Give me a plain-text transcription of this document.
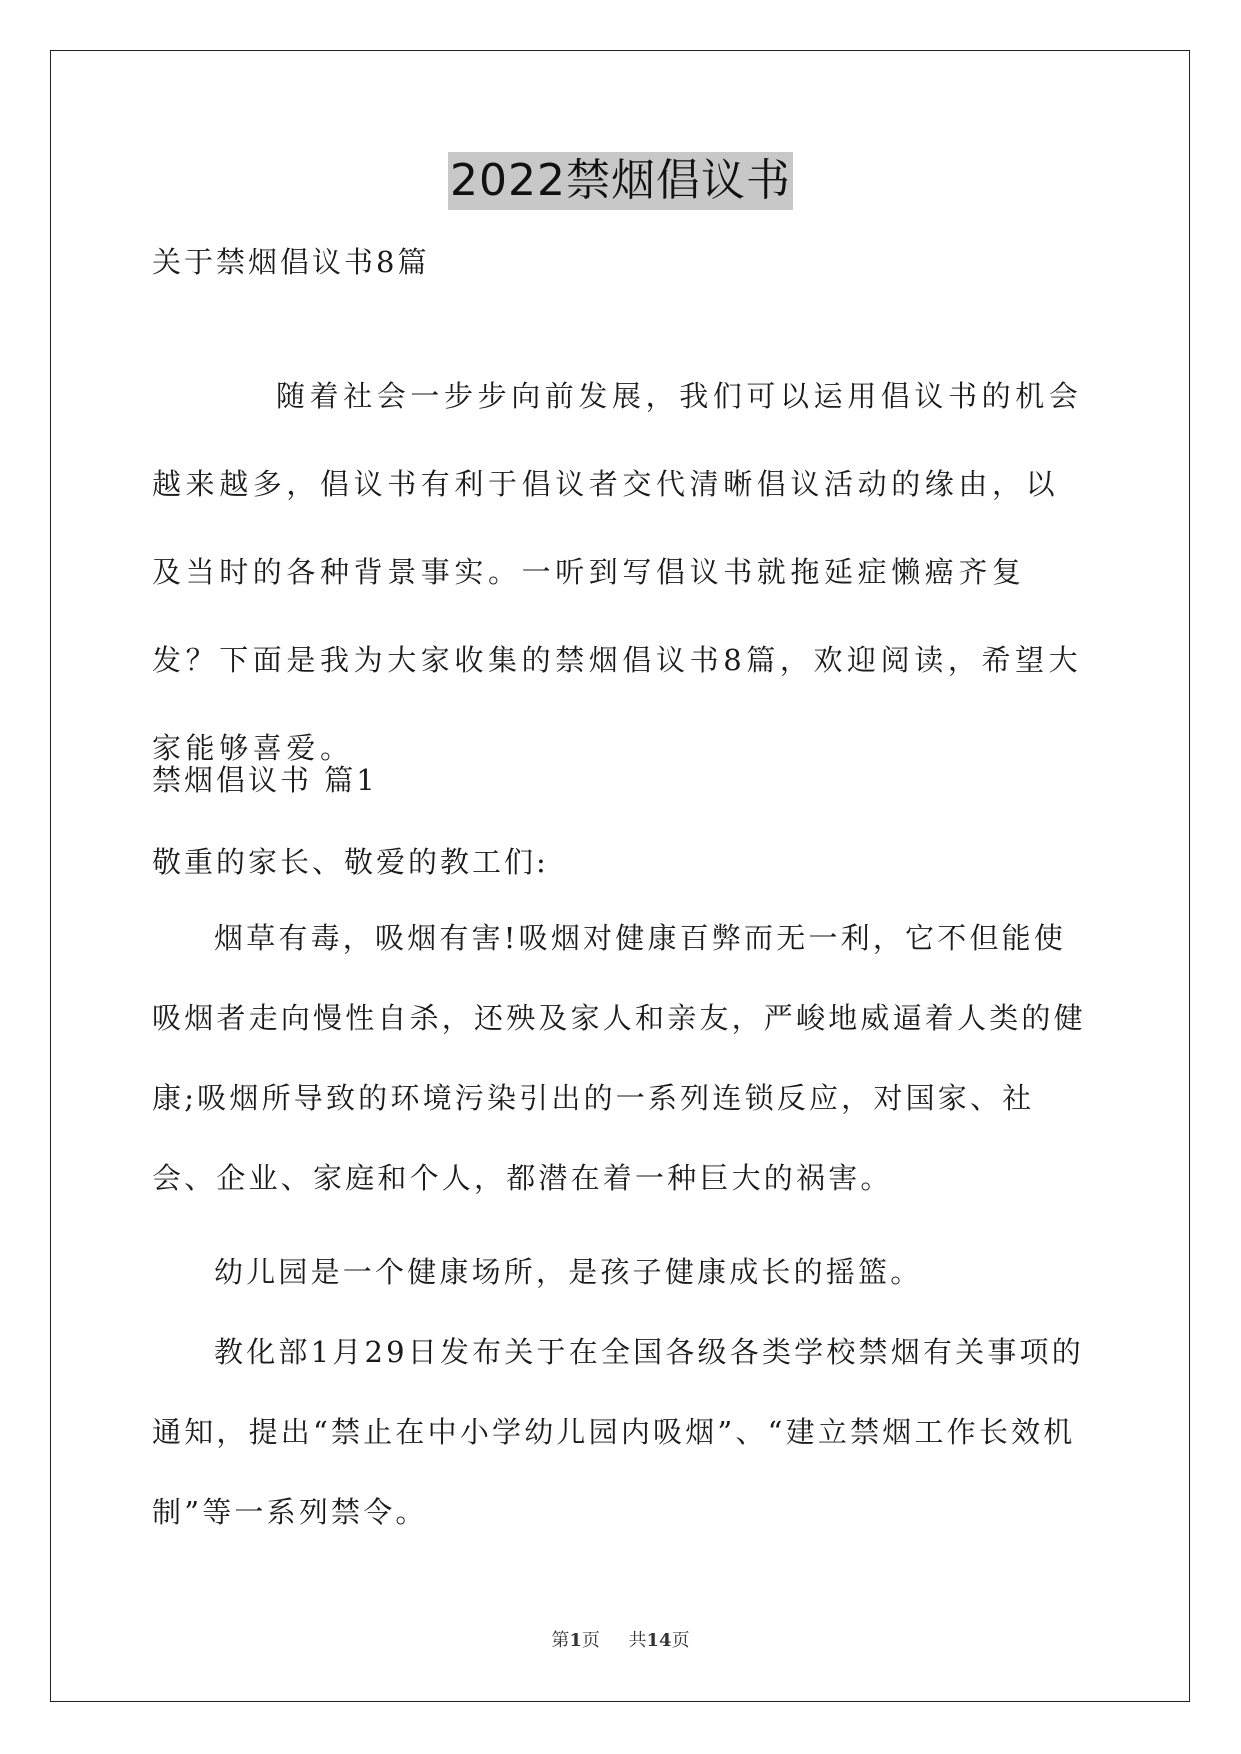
2022禁烟倡议书
关于禁烟倡议书8篇
随着社会一步步向前发展，我们可以运用倡议书的机会越来越多，倡议书有利于倡议者交代清晰倡议活动的缘由，以及当时的各种背景事实。一听到写倡议书就拖延症懒癌齐复发？下面是我为大家收集的禁烟倡议书8篇，欢迎阅读，希望大家能够喜爱。
禁烟倡议书 篇1
敬重的家长、敬爱的教工们:
烟草有毒，吸烟有害!吸烟对健康百弊而无一利，它不但能使吸烟者走向慢性自杀，还殃及家人和亲友，严峻地威逼着人类的健康;吸烟所导致的环境污染引出的一系列连锁反应，对国家、社会、企业、家庭和个人，都潜在着一种巨大的祸害。
幼儿园是一个健康场所，是孩子健康成长的摇篮。
教化部1月29日发布关于在全国各级各类学校禁烟有关事项的通知，提出“禁止在中小学幼儿园内吸烟”、“建立禁烟工作长效机制”等一系列禁令。
第1页 共14页
